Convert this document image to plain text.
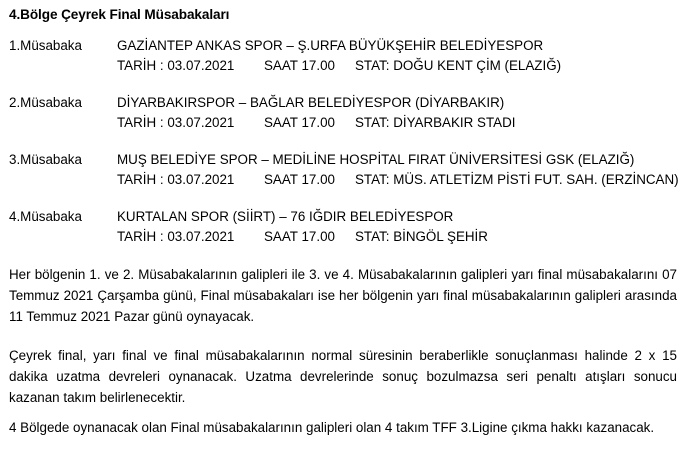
4.Bölge Çeyrek Final Müsabakaları
1.Müsabaka	GAZİANTEP ANKAS SPOR – Ş.URFA BÜYÜKŞEHİR BELEDİYESPOR
TARİH : 03.07.2021 SAAT 17.00 STAT: DOĞU KENT ÇİM (ELAZIĞ)
2.Müsabaka	DİYARBAKIRSPOR – BAĞLAR BELEDİYESPOR (DİYARBAKIR)
TARİH : 03.07.2021 SAAT 17.00 STAT: DİYARBAKIR STADI
3.Müsabaka	MUŞ BELEDİYE SPOR – MEDİLİNE HOSPİTAL FIRAT ÜNİVERSİTESİ GSK (ELAZIĞ)
TARİH : 03.07.2021 SAAT 17.00 STAT: MÜS. ATLETİZM PİSTİ FUT. SAH. (ERZİNCAN)
4.Müsabaka	KURTALAN SPOR (SİİRT) – 76 IĞDIR BELEDİYESPOR
TARİH : 03.07.2021 SAAT 17.00 STAT: BİNGÖL ŞEHİR
Her bölgenin 1. ve 2. Müsabakalarının galipleri ile 3. ve 4. Müsabakalarının galipleri yarı final müsabakalarını 07 Temmuz 2021 Çarşamba günü, Final müsabakaları ise her bölgenin yarı final müsabakalarının galipleri arasında 11 Temmuz 2021 Pazar günü oynayacak.
Çeyrek final, yarı final ve final müsabakalarının normal süresinin beraberlikle sonuçlanması halinde 2 x 15 dakika uzatma devreleri oynanacak. Uzatma devrelerinde sonuç bozulmazsa seri penaltı atışları sonucu kazanan takım belirlenecektir.
4 Bölgede oynanacak olan Final müsabakalarının galipleri olan 4 takım TFF 3.Ligine çıkma hakkı kazanacak.
